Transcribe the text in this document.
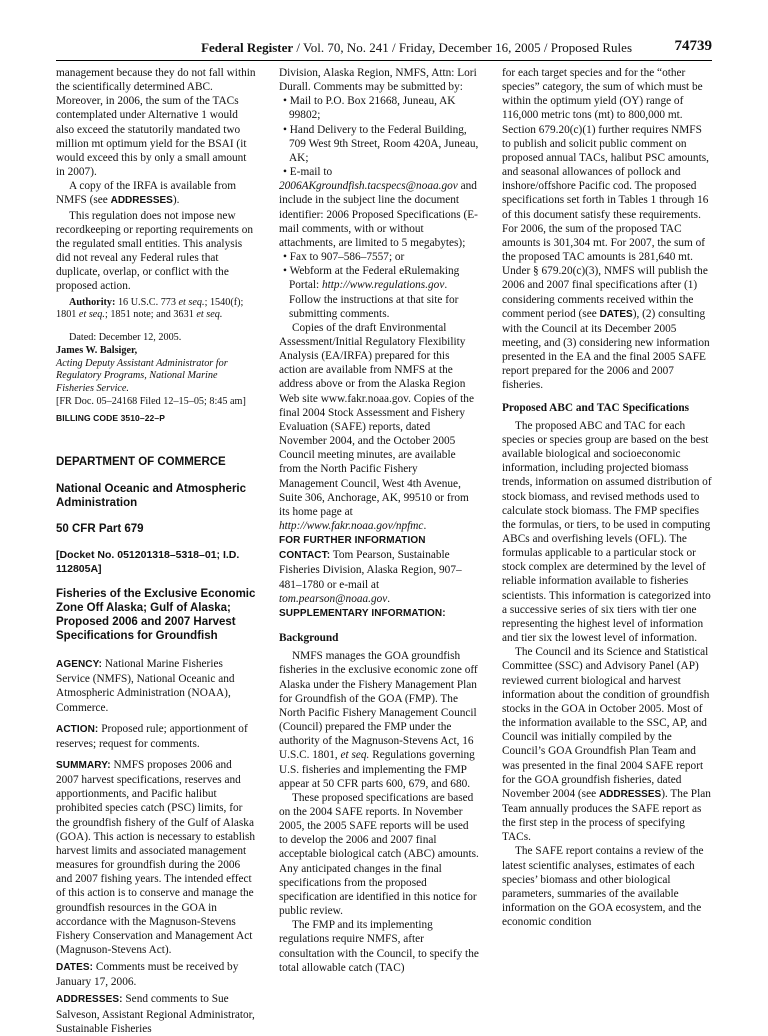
Federal Register / Vol. 70, No. 241 / Friday, December 16, 2005 / Proposed Rules	74739

management because they do not fall within the scientifically determined ABC. Moreover, in 2006, the sum of the TACs contemplated under Alternative 1 would also exceed the statutorily mandated two million mt optimum yield for the BSAI (it would exceed this by only a small amount in 2007).

A copy of the IRFA is available from NMFS (see ADDRESSES).

This regulation does not impose new recordkeeping or reporting requirements on the regulated small entities. This analysis did not reveal any Federal rules that duplicate, overlap, or conflict with the proposed action.

Authority: 16 U.S.C. 773 et seq.; 1540(f); 1801 et seq.; 1851 note; and 3631 et seq.

Dated: December 12, 2005.

James W. Balsiger,

Acting Deputy Assistant Administrator for Regulatory Programs, National Marine Fisheries Service.

[FR Doc. 05–24168 Filed 12–15–05; 8:45 am]

BILLING CODE 3510–22–P

DEPARTMENT OF COMMERCE

National Oceanic and Atmospheric Administration

50 CFR Part 679

[Docket No. 051201318–5318–01; I.D. 112805A]

Fisheries of the Exclusive Economic Zone Off Alaska; Gulf of Alaska; Proposed 2006 and 2007 Harvest Specifications for Groundfish

AGENCY: National Marine Fisheries Service (NMFS), National Oceanic and Atmospheric Administration (NOAA), Commerce.

ACTION: Proposed rule; apportionment of reserves; request for comments.

SUMMARY: NMFS proposes 2006 and 2007 harvest specifications, reserves and apportionments, and Pacific halibut prohibited species catch (PSC) limits, for the groundfish fishery of the Gulf of Alaska (GOA). This action is necessary to establish harvest limits and associated management measures for groundfish during the 2006 and 2007 fishing years. The intended effect of this action is to conserve and manage the groundfish resources in the GOA in accordance with the Magnuson-Stevens Fishery Conservation and Management Act (Magnuson-Stevens Act).

DATES: Comments must be received by January 17, 2006.

ADDRESSES: Send comments to Sue Salveson, Assistant Regional Administrator, Sustainable Fisheries

Division, Alaska Region, NMFS, Attn: Lori Durall. Comments may be submitted by:

• Mail to P.O. Box 21668, Juneau, AK 99802;

• Hand Delivery to the Federal Building, 709 West 9th Street, Room 420A, Juneau, AK;

• E-mail to

2006AKgroundfish.tacspecs@noaa.gov and include in the subject line the document identifier: 2006 Proposed Specifications (E-mail comments, with or without attachments, are limited to 5 megabytes);

• Fax to 907–586–7557; or

• Webform at the Federal eRulemaking Portal: http://www.regulations.gov. Follow the instructions at that site for submitting comments.

Copies of the draft Environmental Assessment/Initial Regulatory Flexibility Analysis (EA/IRFA) prepared for this action are available from NMFS at the address above or from the Alaska Region Web site www.fakr.noaa.gov. Copies of the final 2004 Stock Assessment and Fishery Evaluation (SAFE) reports, dated November 2004, and the October 2005 Council meeting minutes, are available from the North Pacific Fishery Management Council, West 4th Avenue, Suite 306, Anchorage, AK, 99510 or from its home page at http://www.fakr.noaa.gov/npfmc.

FOR FURTHER INFORMATION CONTACT: Tom Pearson, Sustainable Fisheries Division, Alaska Region, 907–481–1780 or e-mail at tom.pearson@noaa.gov.

SUPPLEMENTARY INFORMATION:

Background

NMFS manages the GOA groundfish fisheries in the exclusive economic zone off Alaska under the Fishery Management Plan for Groundfish of the GOA (FMP). The North Pacific Fishery Management Council (Council) prepared the FMP under the authority of the Magnuson-Stevens Act, 16 U.S.C. 1801, et seq. Regulations governing U.S. fisheries and implementing the FMP appear at 50 CFR parts 600, 679, and 680.

These proposed specifications are based on the 2004 SAFE reports. In November 2005, the 2005 SAFE reports will be used to develop the 2006 and 2007 final acceptable biological catch (ABC) amounts. Any anticipated changes in the final specifications from the proposed specification are identified in this notice for public review.

The FMP and its implementing regulations require NMFS, after consultation with the Council, to specify the total allowable catch (TAC)

for each target species and for the “other species” category, the sum of which must be within the optimum yield (OY) range of 116,000 metric tons (mt) to 800,000 mt. Section 679.20(c)(1) further requires NMFS to publish and solicit public comment on proposed annual TACs, halibut PSC amounts, and seasonal allowances of pollock and inshore/offshore Pacific cod. The proposed specifications set forth in Tables 1 through 16 of this document satisfy these requirements. For 2006, the sum of the proposed TAC amounts is 301,304 mt. For 2007, the sum of the proposed TAC amounts is 281,640 mt. Under § 679.20(c)(3), NMFS will publish the 2006 and 2007 final specifications after (1) considering comments received within the comment period (see DATES), (2) consulting with the Council at its December 2005 meeting, and (3) considering new information presented in the EA and the final 2005 SAFE report prepared for the 2006 and 2007 fisheries.

Proposed ABC and TAC Specifications

The proposed ABC and TAC for each species or species group are based on the best available biological and socioeconomic information, including projected biomass trends, information on assumed distribution of stock biomass, and revised methods used to calculate stock biomass. The FMP specifies the formulas, or tiers, to be used in computing ABCs and overfishing levels (OFL). The formulas applicable to a particular stock or stock complex are determined by the level of reliable information available to fisheries scientists. This information is categorized into a successive series of six tiers with tier one representing the highest level of information and tier six the lowest level of information.

The Council and its Science and Statistical Committee (SSC) and Advisory Panel (AP) reviewed current biological and harvest information about the condition of groundfish stocks in the GOA in October 2005. Most of the information available to the SSC, AP, and Council was initially compiled by the Council’s GOA Groundfish Plan Team and was presented in the final 2004 SAFE report for the GOA groundfish fisheries, dated November 2004 (see ADDRESSES). The Plan Team annually produces the SAFE report as the first step in the process of specifying TACs.

The SAFE report contains a review of the latest scientific analyses, estimates of each species’ biomass and other biological parameters, summaries of the available information on the GOA ecosystem, and the economic condition
